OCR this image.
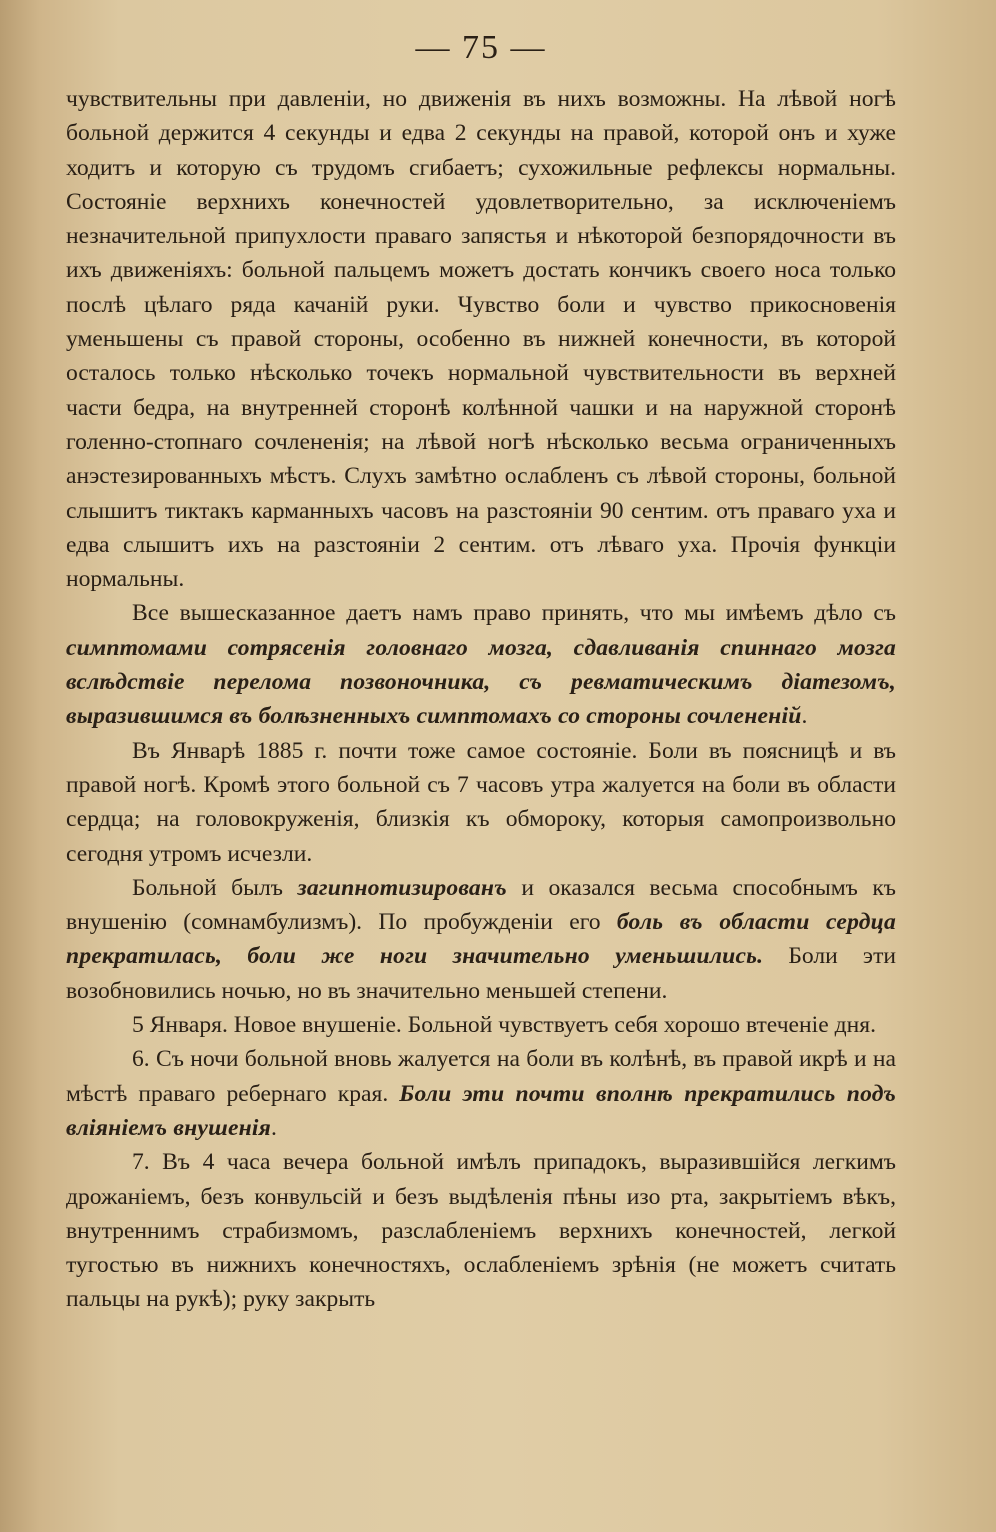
— 75 —

чувствительны при давленіи, но движенія въ нихъ возможны. На лѣвой ногѣ больной держится 4 секунды и едва 2 секунды на правой, которой онъ и хуже ходитъ и которую съ трудомъ сгибаетъ; сухожильные рефлексы нормальны. Состояніе верхнихъ конечностей удовлетворительно, за исключеніемъ незначительной припухлости праваго запястья и нѣкоторой безпорядочности въ ихъ движеніяхъ: больной пальцемъ можетъ достать кончикъ своего носа только послѣ цѣлаго ряда качаній руки. Чувство боли и чувство прикосновенія уменьшены съ правой стороны, особенно въ нижней конечности, въ которой осталось только нѣсколько точекъ нормальной чувствительности въ верхней части бедра, на внутренней сторонѣ колѣнной чашки и на наружной сторонѣ голенно-стопнаго сочлененія; на лѣвой ногѣ нѣсколько весьма ограниченныхъ анэстезированныхъ мѣстъ. Слухъ замѣтно ослабленъ съ лѣвой стороны, больной слышитъ тиктакъ карманныхъ часовъ на разстояніи 90 сентим. отъ праваго уха и едва слышитъ ихъ на разстояніи 2 сентим. отъ лѣваго уха. Прочія функціи нормальны.

Все вышесказанное даетъ намъ право принять, что мы имѣемъ дѣло съ симптомами сотрясенія головнаго мозга, сдавливанія спиннаго мозга вслѣдствіе перелома позвоночника, съ ревматическимъ діатезомъ, выразившимся въ болѣзненныхъ симптомахъ со стороны сочлененій.

Въ Январѣ 1885 г. почти тоже самое состояніе. Боли въ поясницѣ и въ правой ногѣ. Кромѣ этого больной съ 7 часовъ утра жалуется на боли въ области сердца; на головокруженія, близкія къ обмороку, которыя самопроизвольно сегодня утромъ исчезли.

Больной былъ загипнотизированъ и оказался весьма способнымъ къ внушенію (сомнамбулизмъ). По пробужденіи его боль въ области сердца прекратилась, боли же ноги значительно уменьшились. Боли эти возобновились ночью, но въ значительно меньшей степени.

5 Января. Новое внушеніе. Больной чувствуетъ себя хорошо втеченіе дня.

6. Съ ночи больной вновь жалуется на боли въ колѣнѣ, въ правой икрѣ и на мѣстѣ праваго ребернаго края. Боли эти почти вполнѣ прекратились подъ вліяніемъ внушенія.

7. Въ 4 часа вечера больной имѣлъ припадокъ, выразившійся легкимъ дрожаніемъ, безъ конвульсій и безъ выдѣленія пѣны изо рта, закрытіемъ вѣкъ, внутреннимъ страбизмомъ, разслабленіемъ верхнихъ конечностей, легкой тугостью въ нижнихъ конечностяхъ, ослабленіемъ зрѣнія (не можетъ считать пальцы на рукѣ); руку закрыть
